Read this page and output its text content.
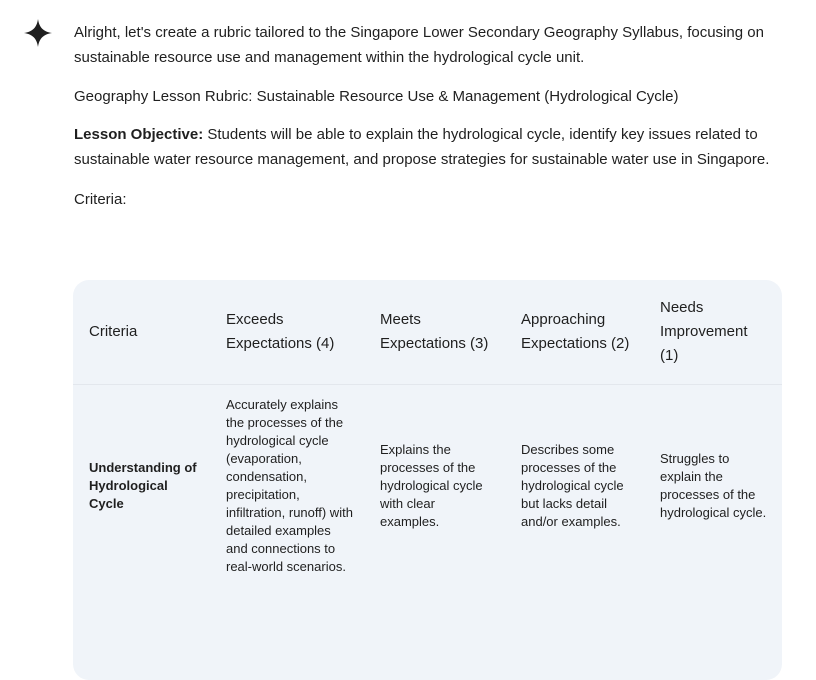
Alright, let's create a rubric tailored to the Singapore Lower Secondary Geography Syllabus, focusing on sustainable resource use and management within the hydrological cycle unit.

Geography Lesson Rubric: Sustainable Resource Use & Management (Hydrological Cycle)

Lesson Objective: Students will be able to explain the hydrological cycle, identify key issues related to sustainable water resource management, and propose strategies for sustainable water use in Singapore.

Criteria:

Criteria	Exceeds Expectations (4)	Meets Expectations (3)	Approaching Expectations (2)	Needs Improvement (1)
Understanding of Hydrological Cycle	Accurately explains the processes of the hydrological cycle (evaporation, condensation, precipitation, infiltration, runoff) with detailed examples and connections to real-world scenarios.	Explains the processes of the hydrological cycle with clear examples.	Describes some processes of the hydrological cycle but lacks detail and/or examples.	Struggles to explain the processes of the hydrological cycle.
